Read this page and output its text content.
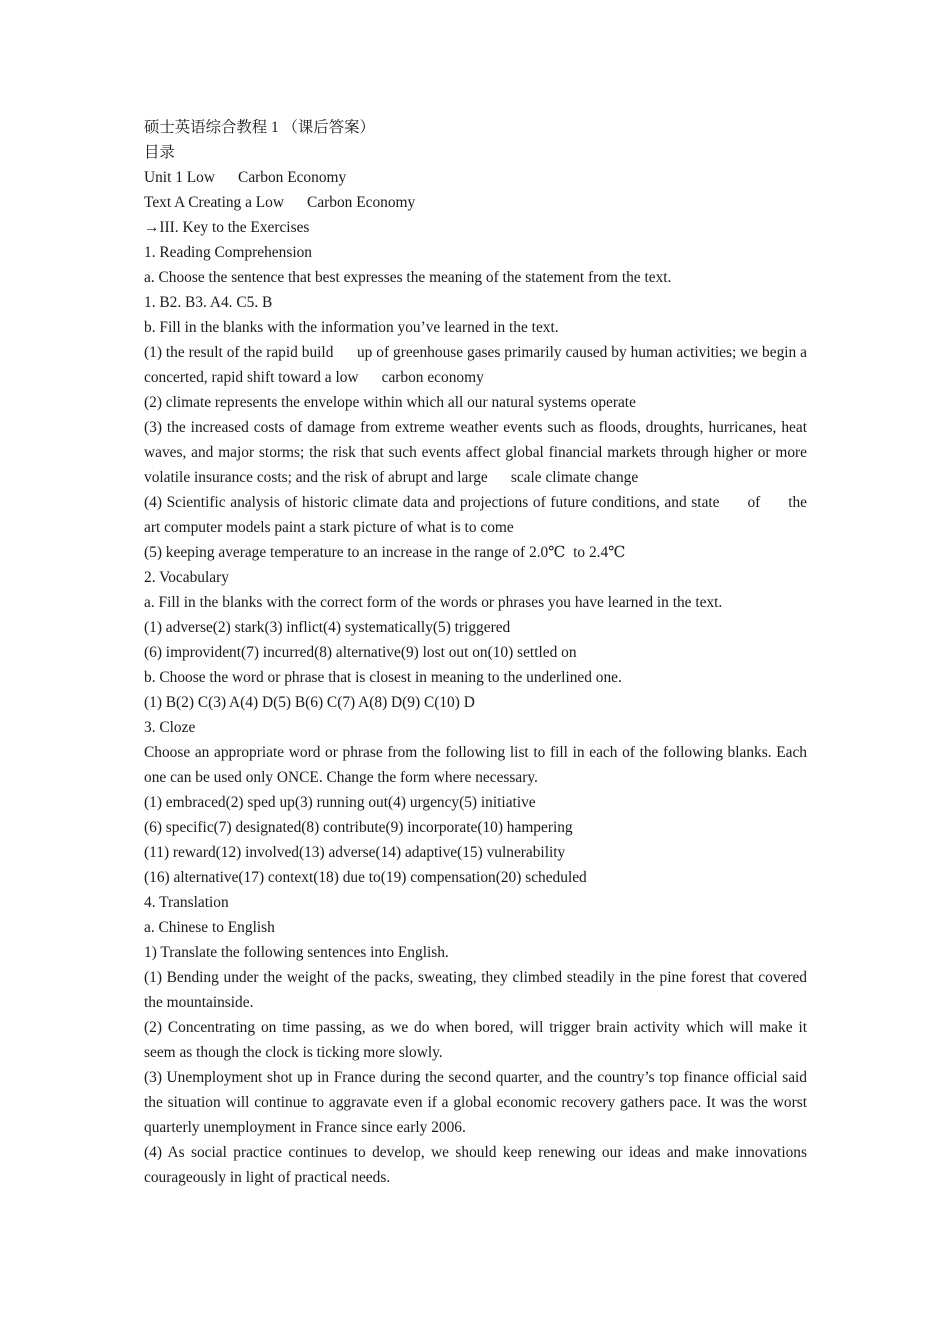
硕士英语综合教程 1 （课后答案）
目录
Unit 1 Low      Carbon Economy
Text A Creating a Low      Carbon Economy
→III. Key to the Exercises
1. Reading Comprehension
a. Choose the sentence that best expresses the meaning of the statement from the text.
1. B2. B3. A4. C5. B
b. Fill in the blanks with the information you’ve learned in the text.
(1) the result of the rapid build      up of greenhouse gases primarily caused by human activities; we begin a concerted, rapid shift toward a low      carbon economy
(2) climate represents the envelope within which all our natural systems operate
(3) the increased costs of damage from extreme weather events such as floods, droughts, hurricanes, heat waves, and major storms; the risk that such events affect global financial markets through higher or more volatile insurance costs; and the risk of abrupt and large      scale climate change
(4) Scientific analysis of historic climate data and projections of future conditions, and state      of      the      art computer models paint a stark picture of what is to come
(5) keeping average temperature to an increase in the range of 2.0℃  to 2.4℃
2. Vocabulary
a. Fill in the blanks with the correct form of the words or phrases you have learned in the text.
(1) adverse(2) stark(3) inflict(4) systematically(5) triggered
(6) improvident(7) incurred(8) alternative(9) lost out on(10) settled on
b. Choose the word or phrase that is closest in meaning to the underlined one.
(1) B(2) C(3) A(4) D(5) B(6) C(7) A(8) D(9) C(10) D
3. Cloze
Choose an appropriate word or phrase from the following list to fill in each of the following blanks. Each one can be used only ONCE. Change the form where necessary.
(1) embraced(2) sped up(3) running out(4) urgency(5) initiative
(6) specific(7) designated(8) contribute(9) incorporate(10) hampering
(11) reward(12) involved(13) adverse(14) adaptive(15) vulnerability
(16) alternative(17) context(18) due to(19) compensation(20) scheduled
4. Translation
a. Chinese to English
1) Translate the following sentences into English.
(1) Bending under the weight of the packs, sweating, they climbed steadily in the pine forest that covered the mountainside.
(2) Concentrating on time passing, as we do when bored, will trigger brain activity which will make it seem as though the clock is ticking more slowly.
(3) Unemployment shot up in France during the second quarter, and the country’s top finance official said the situation will continue to aggravate even if a global economic recovery gathers pace. It was the worst quarterly unemployment in France since early 2006.
(4) As social practice continues to develop, we should keep renewing our ideas and make innovations courageously in light of practical needs.
